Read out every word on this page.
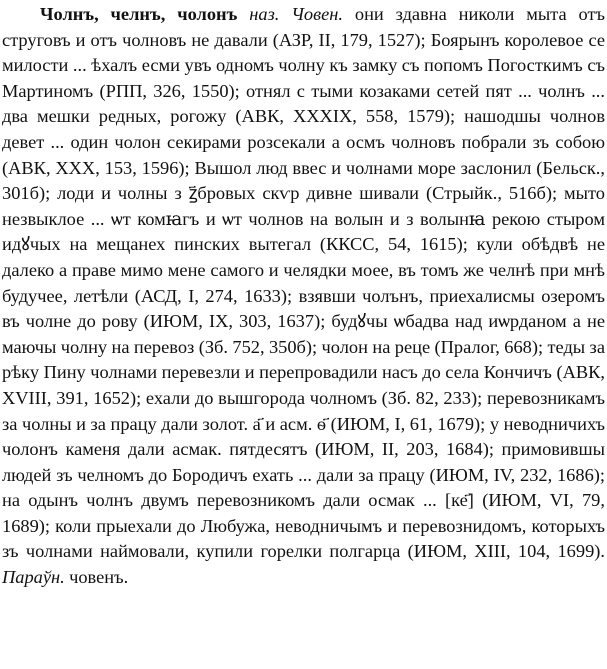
Чолнъ, челнъ, чолонъ наз. Човен. они здавна николи мыта отъ струговъ и отъ чолновъ не давали (АЗР, II, 179, 1527); Боярынъ королевое се милости ... ѣхалъ есми увъ одномъ чолну къ замку съ попомъ Погосткимъ съ Мартиномъ (РПП, 326, 1550); отнял с тыми козаками сетей пят ... чолнъ ... два мешки редных, рогожу (АВК, XXXIX, 558, 1579); нашодшы чолнов девет ... один чолон секирами розсекали а осмъ чолновъ побрали зъ собою (АВК, XXX, 153, 1596); Вышол люд ввес и чолнами море заслонил (Бельск., 301б); лоди и чолны з ꙁ҃бровых скѵр дивне шивали (Стрыйк., 516б); мыто незвыклое ... ѡт комꙗгъ и ѡт чолнов на волын и з волынꙗ рекою стыром идꙋчых на мещанех пинских вытегал (ККСС, 54, 1615); кули обѣдвѣ не далеко а праве мимо мене самого и челядки моее, въ томъ же челнѣ при мнѣ будучее, летѣли (АСД, I, 274, 1633); взявши чолънъ, приехалисмы озеромъ въ чолне до рову (ИЮМ, IX, 303, 1637); будꙋчы ѡбадва над иѡрданом а не маючы чолну на перевоз (Зб. 752, 350б); чолон на реце (Пралог, 668); теды за рѣку Пину чолнами перевезли и перепровадили насъ до села Кончичъ (АВК, XVIII, 391, 1652); ехали до вышгорода чолномъ (Зб. 82, 233); перевозникамъ за чолны и за працу дали золот. а҃ и асм. ѳ҃ (ИЮМ, I, 61, 1679); у неводничихъ чолонъ каменя дали асмак. пятдесятъ (ИЮМ, II, 203, 1684); примовившы людей зъ челномъ до Бородичъ ехать ... дали за працу (ИЮМ, IV, 232, 1686); на одынъ чолнъ двумъ перевозникомъ дали осмак ... [ке҃] (ИЮМ, VI, 79, 1689); коли прыехали до Любужа, неводничымъ и перевознидомъ, которыхъ зъ чолнами наймовали, купили горелки полгарца (ИЮМ, XIII, 104, 1699). Параўн. човенъ.
